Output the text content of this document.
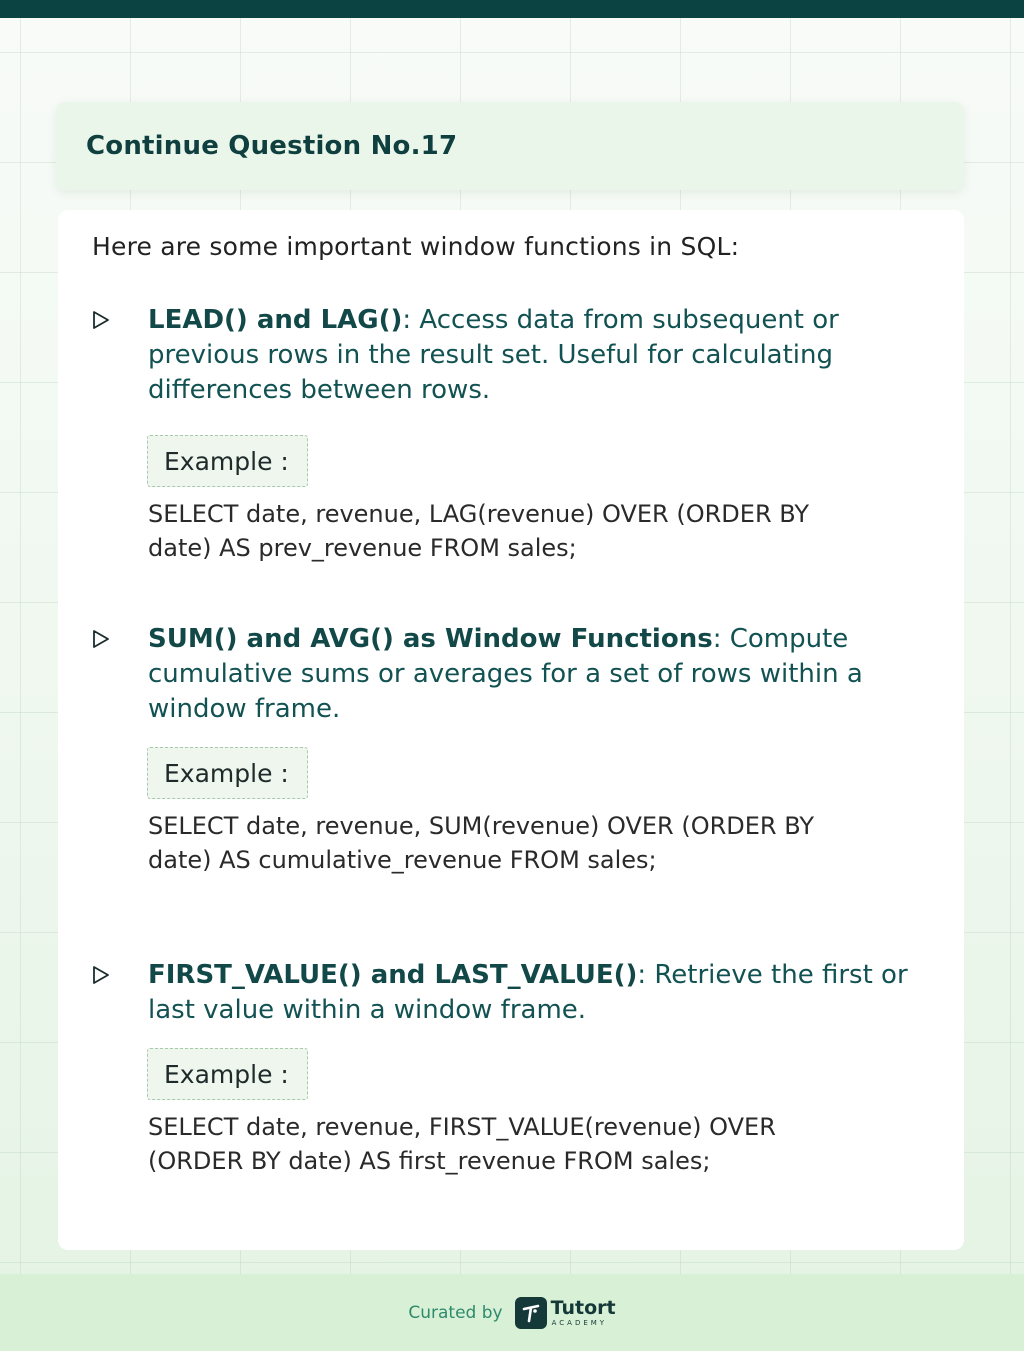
Continue Question No.17
Here are some important window functions in SQL:
LEAD() and LAG(): Access data from subsequent or previous rows in the result set. Useful for calculating differences between rows.
Example :
SELECT date, revenue, LAG(revenue) OVER (ORDER BY
date) AS prev_revenue FROM sales;
SUM() and AVG() as Window Functions: Compute cumulative sums or averages for a set of rows within a window frame.
Example :
SELECT date, revenue, SUM(revenue) OVER (ORDER BY
date) AS cumulative_revenue FROM sales;
FIRST_VALUE() and LAST_VALUE(): Retrieve the first or last value within a window frame.
Example :
SELECT date, revenue, FIRST_VALUE(revenue) OVER
(ORDER BY date) AS first_revenue FROM sales;
Curated by	Tutort
ACADEMY
